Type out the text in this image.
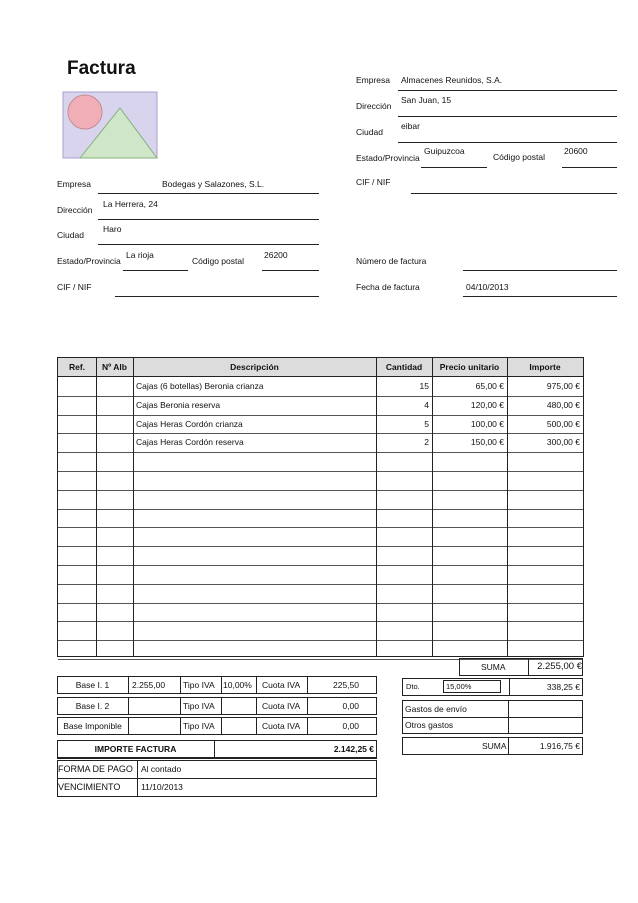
Factura
Empresa Almacenes Reunidos, S.A.
Dirección
San Juan, 15
Ciudad
eibar
Estado/Provincia
Guipuzcoa
Código postal
20600
CIF / NIF
Empresa	Bodegas y Salazones, S.L.
Dirección
La Herrera, 24
Ciudad
Haro
Estado/Provincia
La rioja
Código postal
26200
CIF / NIF
Número de factura
Fecha de factura	04/10/2013
Ref.	Nº Alb	Descripción	Cantidad	Precio unitario	Importe
Cajas (6 botellas) Beronia crianza	15	65,00 €	975,00 €
Cajas Beronia reserva	4	120,00 €	480,00 €
Cajas Heras Cordón crianza	5	100,00 €	500,00 €
Cajas Heras Cordón reserva	2	150,00 €	300,00 €
SUMA	2.255,00 €
Base I. 1	2.255,00 Tipo IVA 10,00% Cuota IVA	225,50
Base I. 2	Tipo IVA	Cuota IVA	0,00
Base Imponible	Tipo IVA	Cuota IVA	0,00
Dto.	15,00%	338,25 €
Gastos de envío
Otros gastos
SUMA	1.916,75 €
IMPORTE FACTURA	2.142,25 €
FORMA DE PAGO Al contado
VENCIMIENTO 11/10/2013
